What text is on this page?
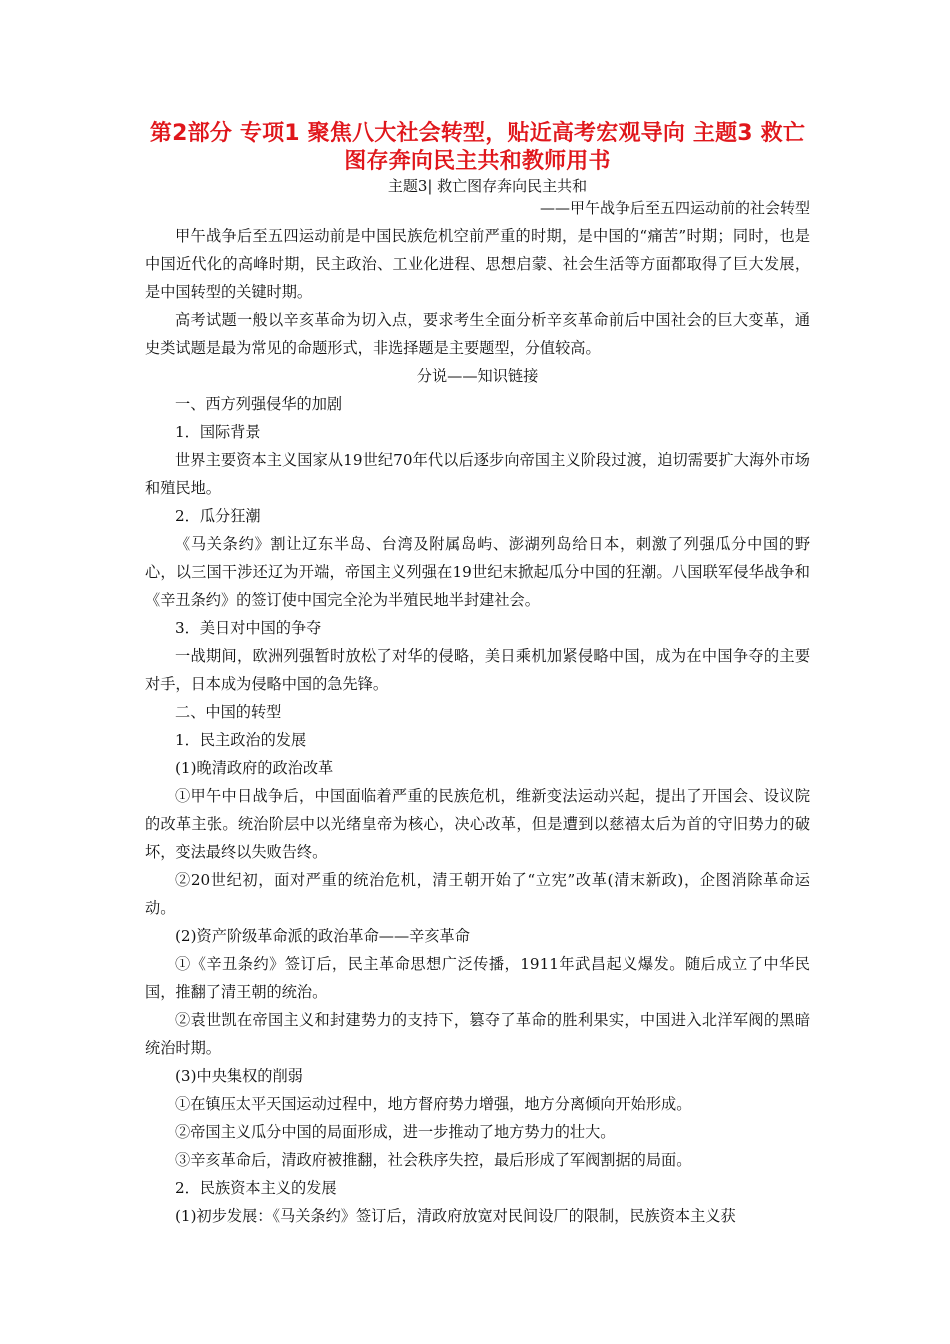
第2部分 专项1 聚焦八大社会转型，贴近高考宏观导向 主题3 救亡图存奔向民主共和教师用书
主题3| 救亡图存奔向民主共和
——甲午战争后至五四运动前的社会转型

甲午战争后至五四运动前是中国民族危机空前严重的时期，是中国的“痛苦”时期；同时，也是中国近代化的高峰时期，民主政治、工业化进程、思想启蒙、社会生活等方面都取得了巨大发展，是中国转型的关键时期。

高考试题一般以辛亥革命为切入点，要求考生全面分析辛亥革命前后中国社会的巨大变革，通史类试题是最为常见的命题形式，非选择题是主要题型，分值较高。

分说——知识链接

一、西方列强侵华的加剧

1．国际背景

世界主要资本主义国家从19世纪70年代以后逐步向帝国主义阶段过渡，迫切需要扩大海外市场和殖民地。

2．瓜分狂潮

《马关条约》割让辽东半岛、台湾及附属岛屿、澎湖列岛给日本，刺激了列强瓜分中国的野心，以三国干涉还辽为开端，帝国主义列强在19世纪末掀起瓜分中国的狂潮。八国联军侵华战争和《辛丑条约》的签订使中国完全沦为半殖民地半封建社会。

3．美日对中国的争夺

一战期间，欧洲列强暂时放松了对华的侵略，美日乘机加紧侵略中国，成为在中国争夺的主要对手，日本成为侵略中国的急先锋。

二、中国的转型

1．民主政治的发展

(1)晚清政府的政治改革

①甲午中日战争后，中国面临着严重的民族危机，维新变法运动兴起，提出了开国会、设议院的改革主张。统治阶层中以光绪皇帝为核心，决心改革，但是遭到以慈禧太后为首的守旧势力的破坏，变法最终以失败告终。

②20世纪初，面对严重的统治危机，清王朝开始了“立宪”改革(清末新政)，企图消除革命运动。

(2)资产阶级革命派的政治革命——辛亥革命

①《辛丑条约》签订后，民主革命思想广泛传播，1911年武昌起义爆发。随后成立了中华民国，推翻了清王朝的统治。

②袁世凯在帝国主义和封建势力的支持下，篡夺了革命的胜利果实，中国进入北洋军阀的黑暗统治时期。

(3)中央集权的削弱

①在镇压太平天国运动过程中，地方督府势力增强，地方分离倾向开始形成。

②帝国主义瓜分中国的局面形成，进一步推动了地方势力的壮大。

③辛亥革命后，清政府被推翻，社会秩序失控，最后形成了军阀割据的局面。

2．民族资本主义的发展

(1)初步发展：《马关条约》签订后，清政府放宽对民间设厂的限制，民族资本主义获
